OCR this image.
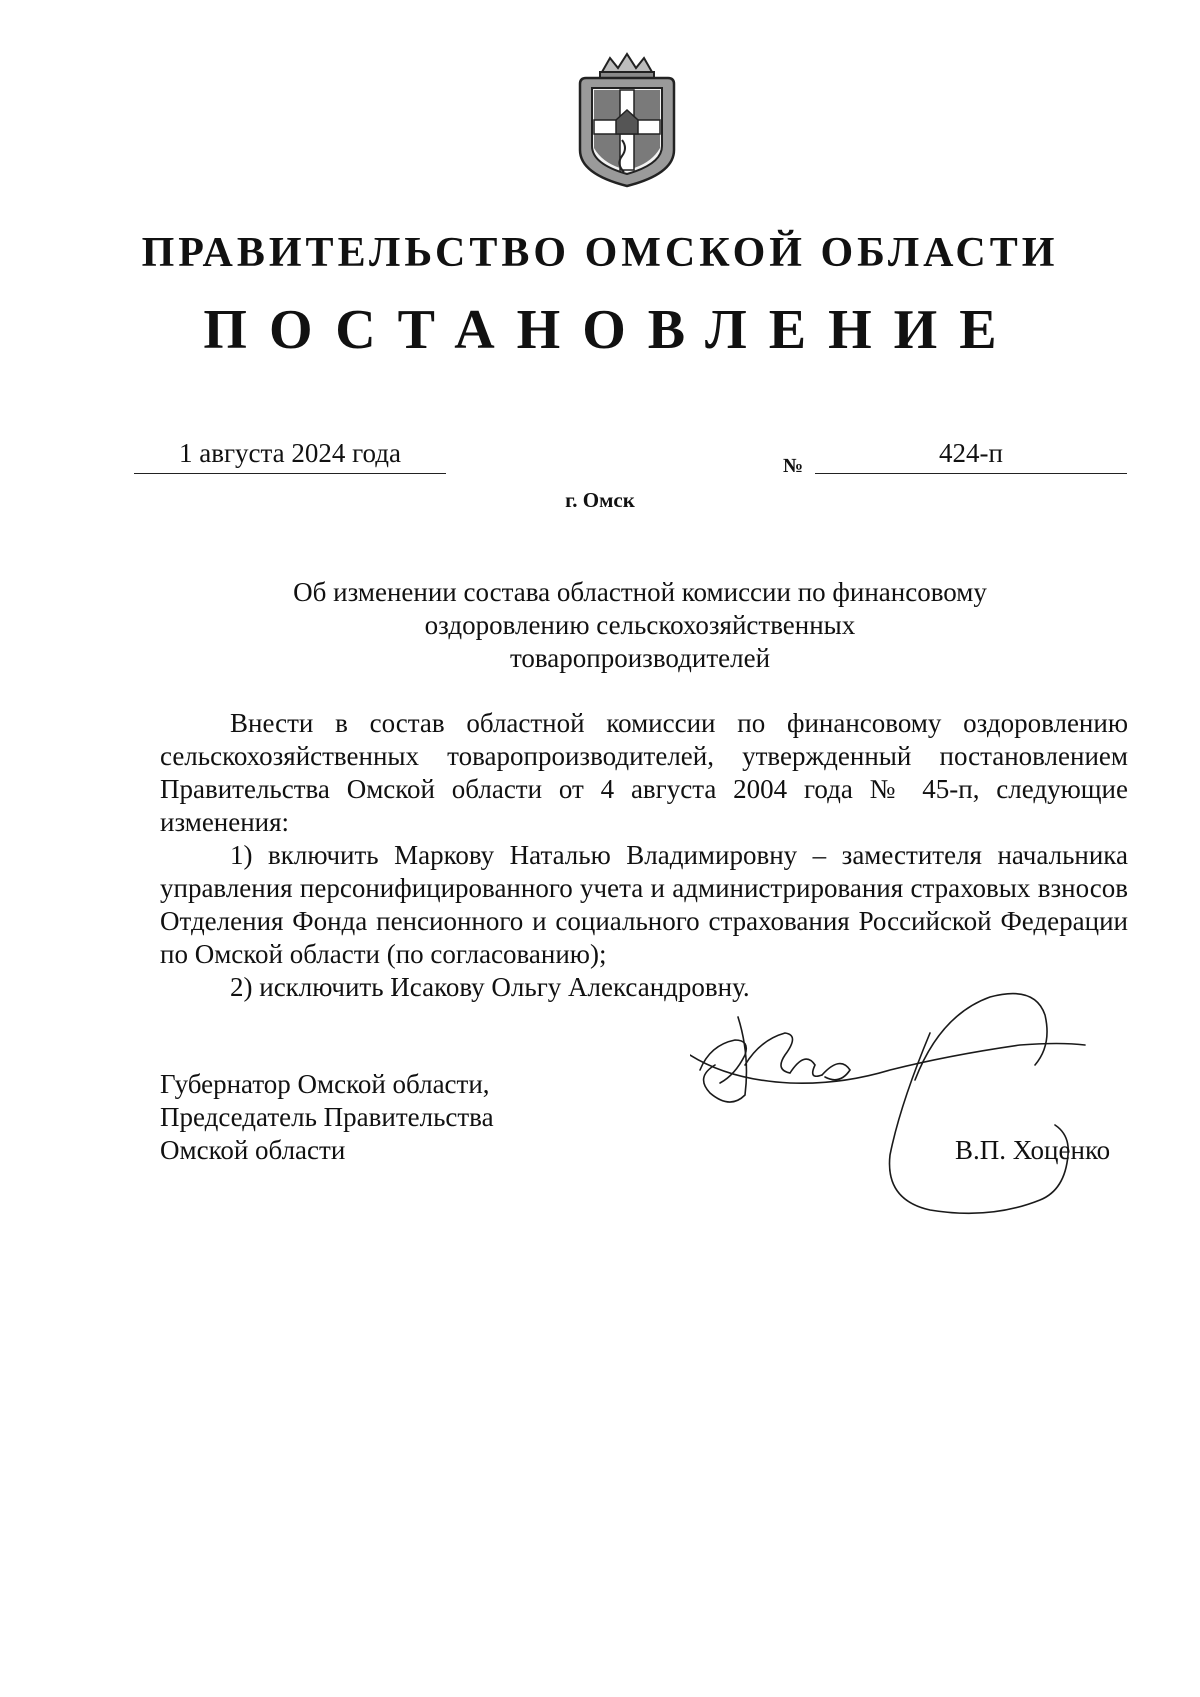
ПРАВИТЕЛЬСТВО ОМСКОЙ ОБЛАСТИ
ПОСТАНОВЛЕНИЕ
1 августа 2024 года	№	424-п
г. Омск
Об изменении состава областной комиссии по финансовому
оздоровлению сельскохозяйственных
товаропроизводителей

Внести в состав областной комиссии по финансовому оздоровлению сельскохозяйственных товаропроизводителей, утвержденный постановлением Правительства Омской области от 4 августа 2004 года № 45-п, следующие изменения:

1) включить Маркову Наталью Владимировну – заместителя начальника управления персонифицированного учета и администрирования страховых взносов Отделения Фонда пенсионного и социального страхования Российской Федерации по Омской области (по согласованию);

2) исключить Исакову Ольгу Александровну.

Губернатор Омской области,
Председатель Правительства
Омской области	В.П. Хоценко
